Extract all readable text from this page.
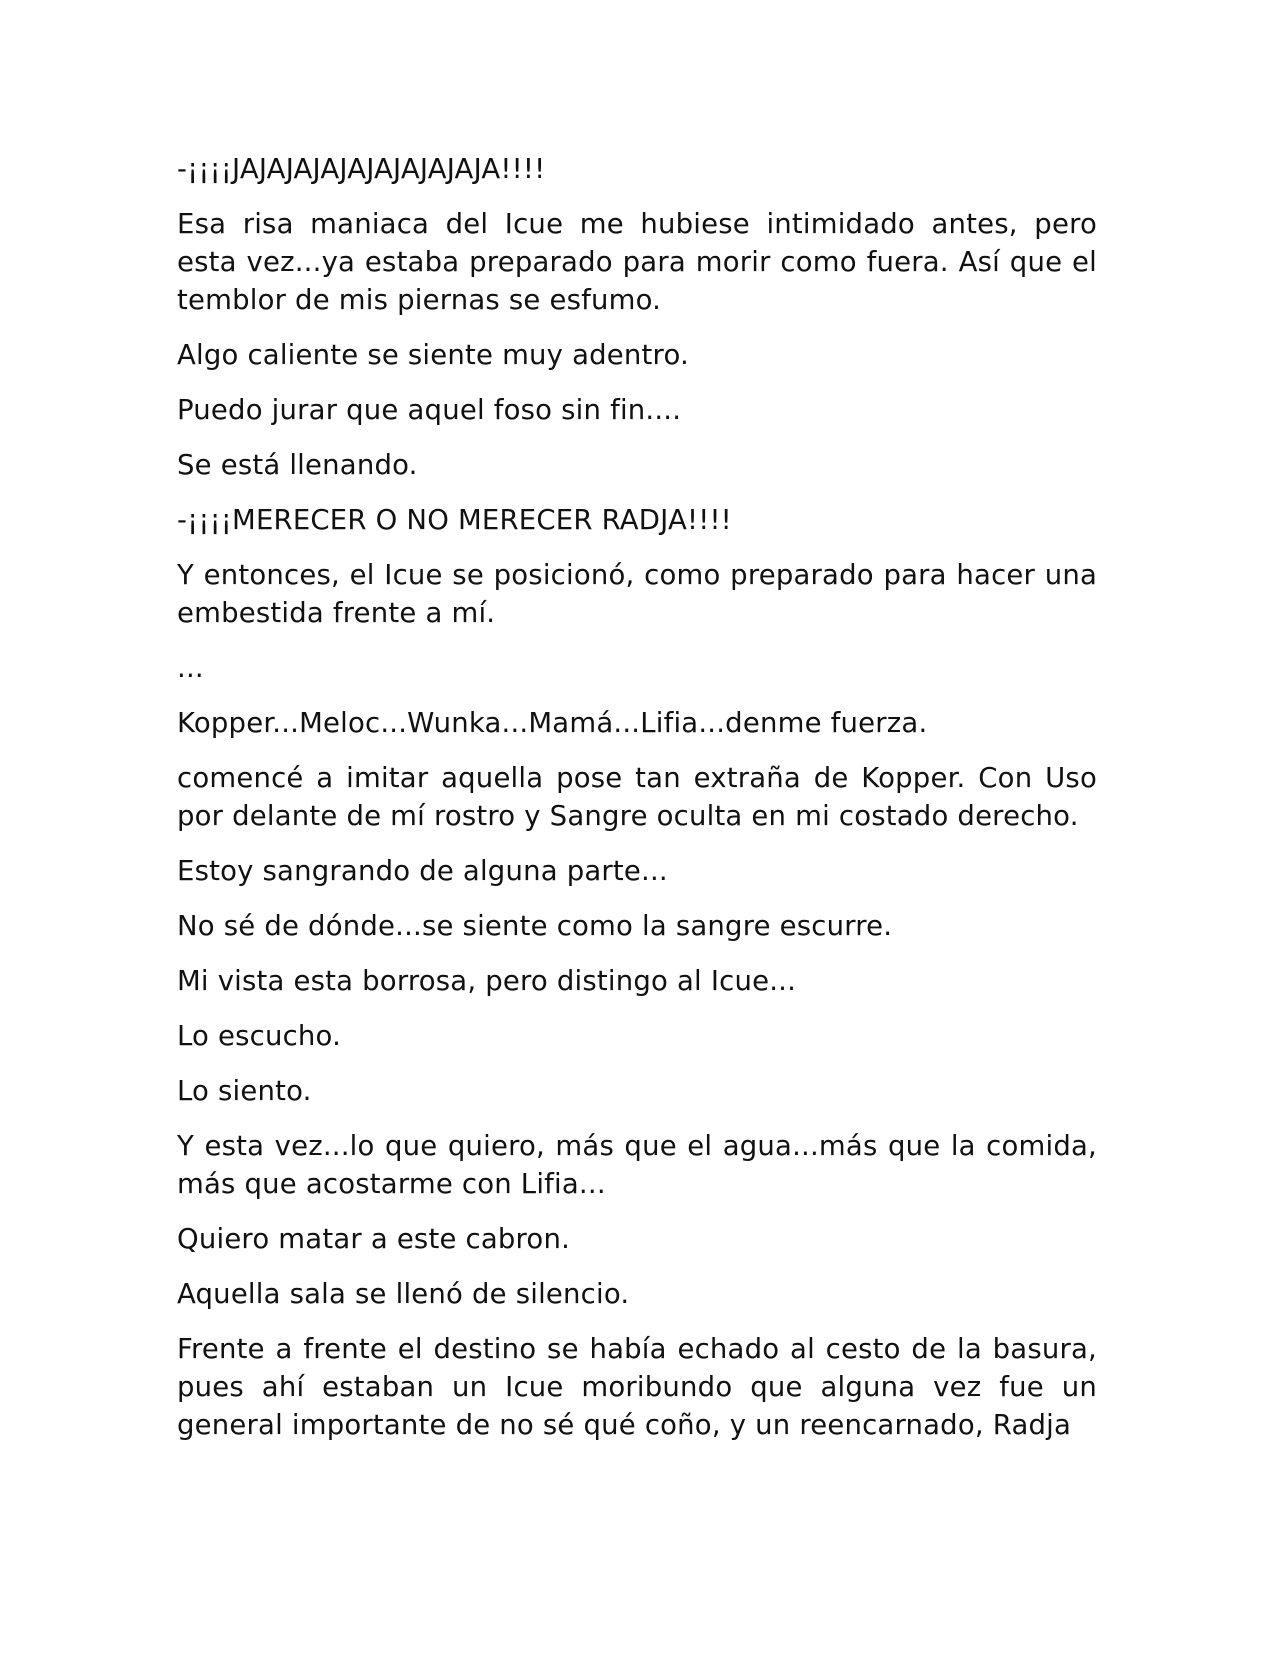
-¡¡¡¡JAJAJAJAJAJAJAJAJAJA!!!!

Esa risa maniaca del Icue me hubiese intimidado antes, pero esta vez...ya estaba preparado para morir como fuera. Así que el temblor de mis piernas se esfumo.

Algo caliente se siente muy adentro.

Puedo jurar que aquel foso sin fin....

Se está llenando.

-¡¡¡¡MERECER O NO MERECER RADJA!!!!

Y entonces, el Icue se posicionó, como preparado para hacer una embestida frente a mí.

...

Kopper...Meloc...Wunka...Mamá...Lifia...denme fuerza.

comencé a imitar aquella pose tan extraña de Kopper. Con Uso por delante de mí rostro y Sangre oculta en mi costado derecho.

Estoy sangrando de alguna parte...

No sé de dónde...se siente como la sangre escurre.

Mi vista esta borrosa, pero distingo al Icue...

Lo escucho.

Lo siento.

Y esta vez...lo que quiero, más que el agua...más que la comida, más que acostarme con Lifia...

Quiero matar a este cabron.

Aquella sala se llenó de silencio.

Frente a frente el destino se había echado al cesto de la basura, pues ahí estaban un Icue moribundo que alguna vez fue un general importante de no sé qué coño, y un reencarnado, Radja
